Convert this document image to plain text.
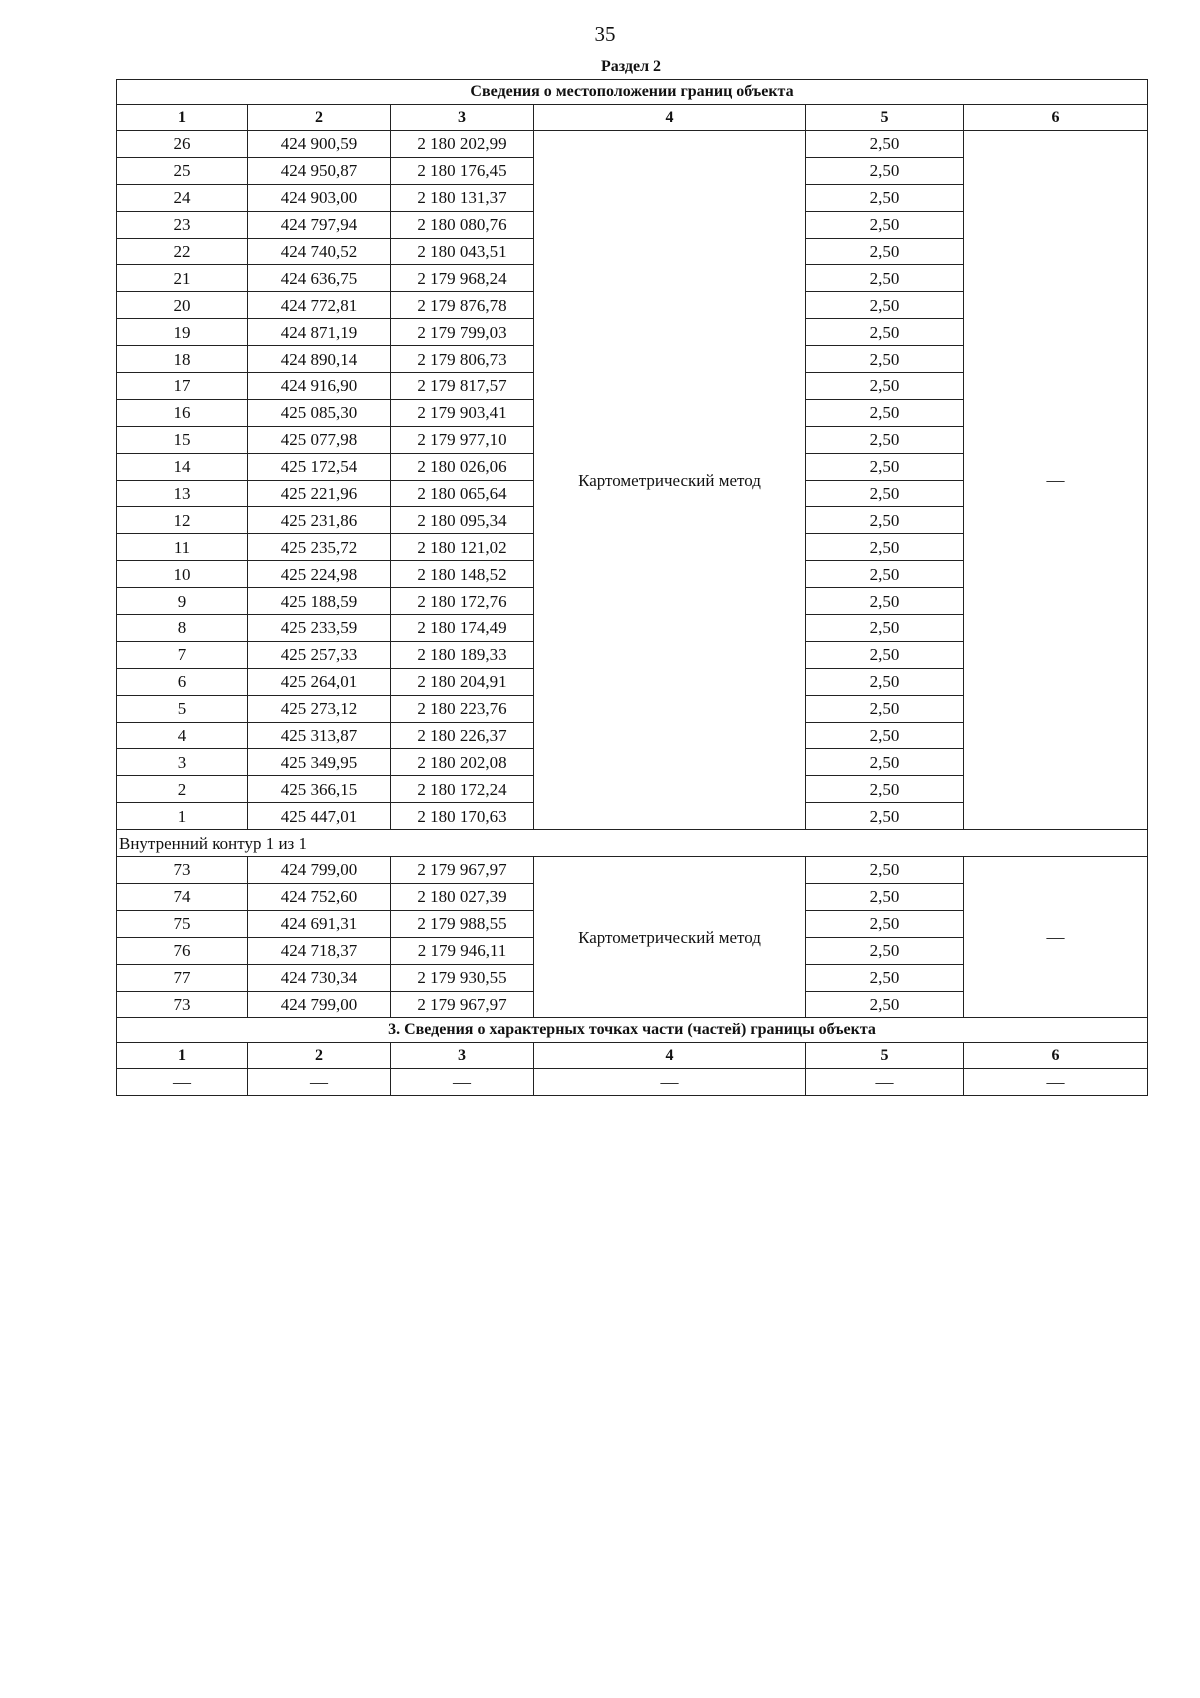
35
Раздел 2
Сведения о местоположении границ объекта					
1	2	3	4	5	6
26	424 900,59	2 180 202,99	Картометрический метод	2,50	—
25	424 950,87	2 180 176,45		2,50	
24	424 903,00	2 180 131,37		2,50	
23	424 797,94	2 180 080,76		2,50	
22	424 740,52	2 180 043,51		2,50	
21	424 636,75	2 179 968,24		2,50	
20	424 772,81	2 179 876,78		2,50	
19	424 871,19	2 179 799,03		2,50	
18	424 890,14	2 179 806,73		2,50	
17	424 916,90	2 179 817,57		2,50	
16	425 085,30	2 179 903,41		2,50	
15	425 077,98	2 179 977,10		2,50	
14	425 172,54	2 180 026,06		2,50	
13	425 221,96	2 180 065,64		2,50	
12	425 231,86	2 180 095,34		2,50	
11	425 235,72	2 180 121,02		2,50	
10	425 224,98	2 180 148,52		2,50	
9	425 188,59	2 180 172,76		2,50	
8	425 233,59	2 180 174,49		2,50	
7	425 257,33	2 180 189,33		2,50	
6	425 264,01	2 180 204,91		2,50	
5	425 273,12	2 180 223,76		2,50	
4	425 313,87	2 180 226,37		2,50	
3	425 349,95	2 180 202,08		2,50	
2	425 366,15	2 180 172,24		2,50	
1	425 447,01	2 180 170,63		2,50	
Внутренний контур 1 из 1					
73	424 799,00	2 179 967,97	Картометрический метод	2,50	—
74	424 752,60	2 180 027,39		2,50	
75	424 691,31	2 179 988,55		2,50	
76	424 718,37	2 179 946,11		2,50	
77	424 730,34	2 179 930,55		2,50	
73	424 799,00	2 179 967,97		2,50	
3. Сведения о характерных точках части (частей) границы объекта					
1	2	3	4	5	6
—	—	—	—	—	—
